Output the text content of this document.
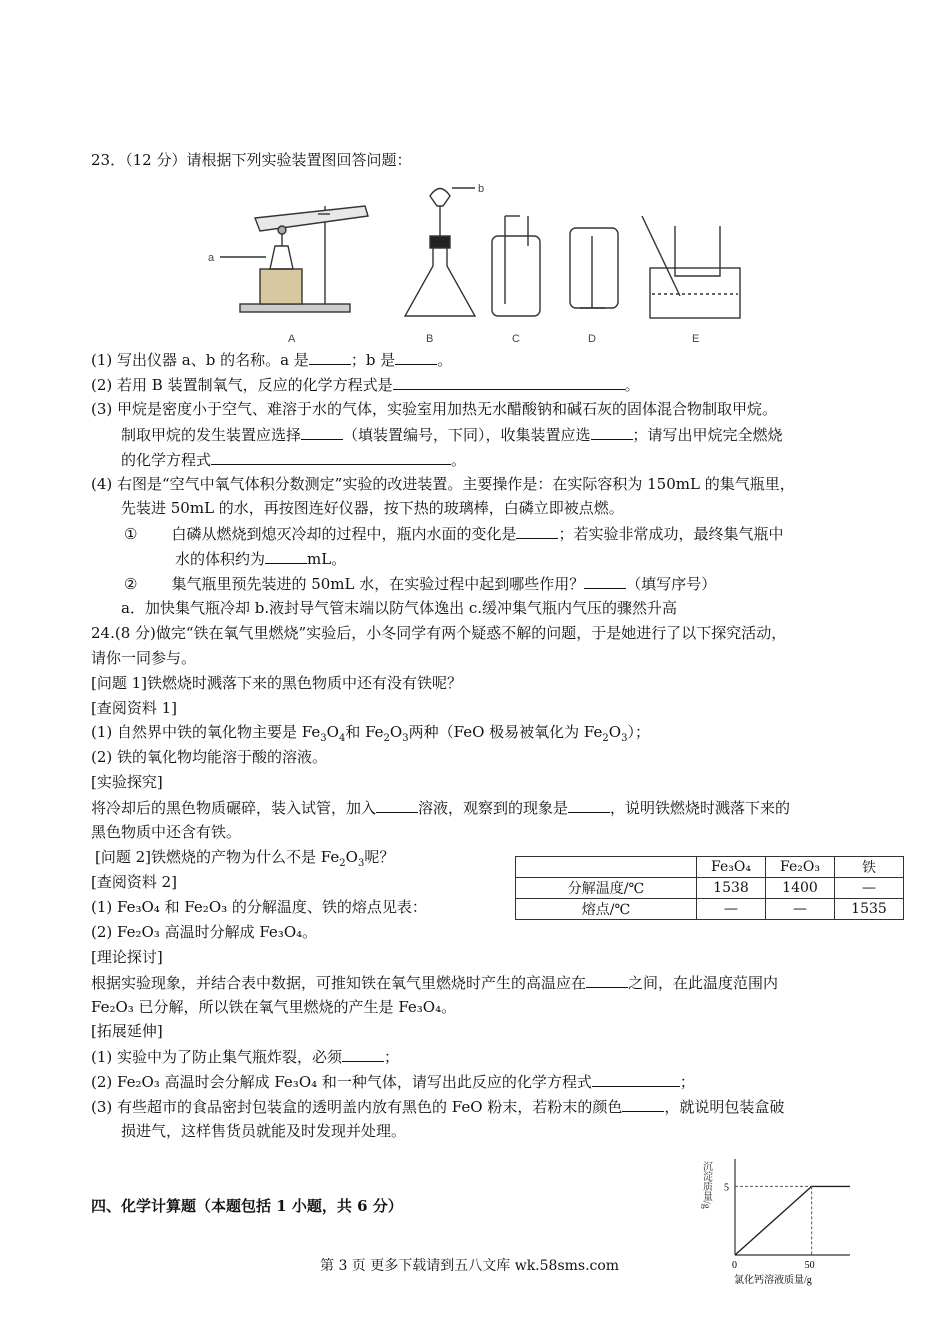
23．（12 分）请根据下列实验装置图回答问题：
a
b
A	B	C	D	E
(1) 写出仪器 a、b 的名称。a 是	；b 是	。
(2) 若用 B 装置制氧气，反应的化学方程式是	。
(3) 甲烷是密度小于空气、难溶于水的气体，实验室用加热无水醋酸钠和碱石灰的固体混合物制取甲烷。
制取甲烷的发生装置应选择	（填装置编号，下同），收集装置应选	；请写出甲烷完全燃烧
的化学方程式	。
(4) 右图是“空气中氧气体积分数测定”实验的改进装置。主要操作是：在实际容积为 150mL 的集气瓶里，
先装进 50mL 的水，再按图连好仪器，按下热的玻璃棒，白磷立即被点燃。
① 白磷从燃烧到熄灭冷却的过程中，瓶内水面的变化是	；若实验非常成功，最终集气瓶中
水的体积约为	mL。
② 集气瓶里预先装进的 50mL 水，在实验过程中起到哪些作用？	（填写序号）
a．加快集气瓶冷却 b.液封导气管末端以防气体逸出 c.缓冲集气瓶内气压的骤然升高
24.(8 分)做完“铁在氧气里燃烧”实验后，小冬同学有两个疑惑不解的问题，于是她进行了以下探究活动，
请你一同参与。
[问题 1]铁燃烧时溅落下来的黑色物质中还有没有铁呢？
[查阅资料 1]
(1) 自然界中铁的氧化物主要是 $Fe_3O_4$和 $Fe_2O_3$两种（FeO 极易被氧化为 $Fe_2O_3$）；
(2) 铁的氧化物均能溶于酸的溶液。
[实验探究]
将冷却后的黑色物质碾碎，装入试管，加入	溶液，观察到的现象是	，说明铁燃烧时溅落下来的
黑色物质中还含有铁。
[问题 2]铁燃烧的产物为什么不是 $Fe_2O_3$呢？
[查阅资料 2]
(1) Fe₃O₄ 和 Fe₂O₃ 的分解温度、铁的熔点见表：
(2) Fe₂O₃ 高温时分解成 Fe₃O₄。
	Fe₃O₄	Fe₂O₃	铁
分解温度/℃	1538	1400	—
熔点/℃	—	—	1535
[理论探讨]
根据实验现象，并结合表中数据，可推知铁在氧气里燃烧时产生的高温应在	之间，在此温度范围内
Fe₂O₃ 已分解，所以铁在氧气里燃烧的产生是 Fe₃O₄。
[拓展延伸]
(1) 实验中为了防止集气瓶炸裂，必须	；
(2) Fe₂O₃ 高温时会分解成 Fe₃O₄ 和一种气体，请写出此反应的化学方程式	；
(3) 有些超市的食品密封包装盒的透明盖内放有黑色的 FeO 粉末，若粉末的颜色	，就说明包装盒破
损进气，这样售货员就能及时发现并处理。
四、化学计算题（本题包括 1 小题，共 6 分）	沉淀质量/g
0	50
5
氯化钙溶液质量/g
第 3 页 更多下载请到五八文库 wk.58sms.com
